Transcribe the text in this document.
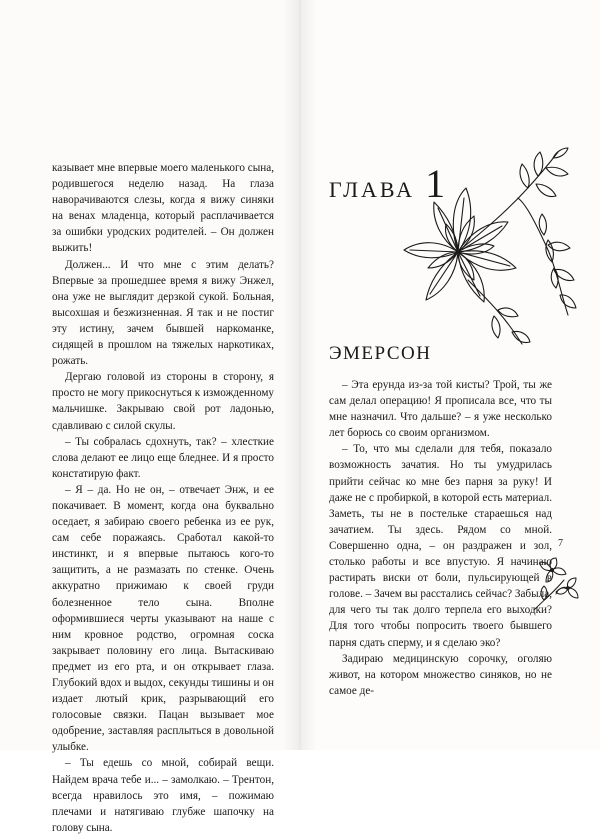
казывает мне впервые моего маленького сына, родившегося неделю назад. На глаза наворачиваются слезы, когда я вижу синяки на венах младенца, который расплачивается за ошибки уродских родителей. – Он должен выжить!

Должен... И что мне с этим делать? Впервые за прошедшее время я вижу Энжел, она уже не выглядит дерзкой сукой. Больная, высохшая и безжизненная. Я так и не постиг эту истину, зачем бывшей наркоманке, сидящей в прошлом на тяжелых наркотиках, рожать.

Дергаю головой из стороны в сторону, я просто не могу прикоснуться к изможденному мальчишке. Закрываю свой рот ладонью, сдавливаю с силой скулы.

– Ты собралась сдохнуть, так? – хлесткие слова делают ее лицо еще бледнее. И я просто констатирую факт.

– Я – да. Но не он, – отвечает Энж, и ее покачивает. В момент, когда она буквально оседает, я забираю своего ребенка из ее рук, сам себе поражаясь. Сработал какой-то инстинкт, и я впервые пытаюсь кого-то защитить, а не размазать по стенке. Очень аккуратно прижимаю к своей груди болезненное тело сына. Вполне оформившиеся черты указывают на наше с ним кровное родство, огромная соска закрывает половину его лица. Вытаскиваю предмет из его рта, и он открывает глаза. Глубокий вдох и выдох, секунды тишины и он издает лютый крик, разрывающий его голосовые связки. Пацан вызывает мое одобрение, заставляя расплыться в довольной улыбке.

– Ты едешь со мной, собирай вещи. Найдем врача тебе и... – замолкаю. – Трентон, всегда нравилось это имя, – пожимаю плечами и натягиваю глубже шапочку на голову сына.

ГЛАВА 1
ЭМЕРСОН

– Эта ерунда из-за той кисты? Трой, ты же сам делал операцию! Я прописала все, что ты мне назначил. Что дальше? – я уже несколько лет борюсь со своим организмом.

– То, что мы сделали для тебя, показало возможность зачатия. Но ты умудрилась прийти сейчас ко мне без парня за руку! И даже не с пробиркой, в которой есть материал. Заметь, ты не в постельке стараешься над зачатием. Ты здесь. Рядом со мной. Совершенно одна, – он раздражен и зол, столько работы и все впустую. Я начинаю растирать виски от боли, пульсирующей в голове. – Зачем вы расстались сейчас? Забыла, для чего ты так долго терпела его выходки? Для того чтобы попросить твоего бывшего парня сдать сперму, и я сделаю эко?

Задираю медицинскую сорочку, оголяю живот, на котором множество синяков, но не самое де-

7
